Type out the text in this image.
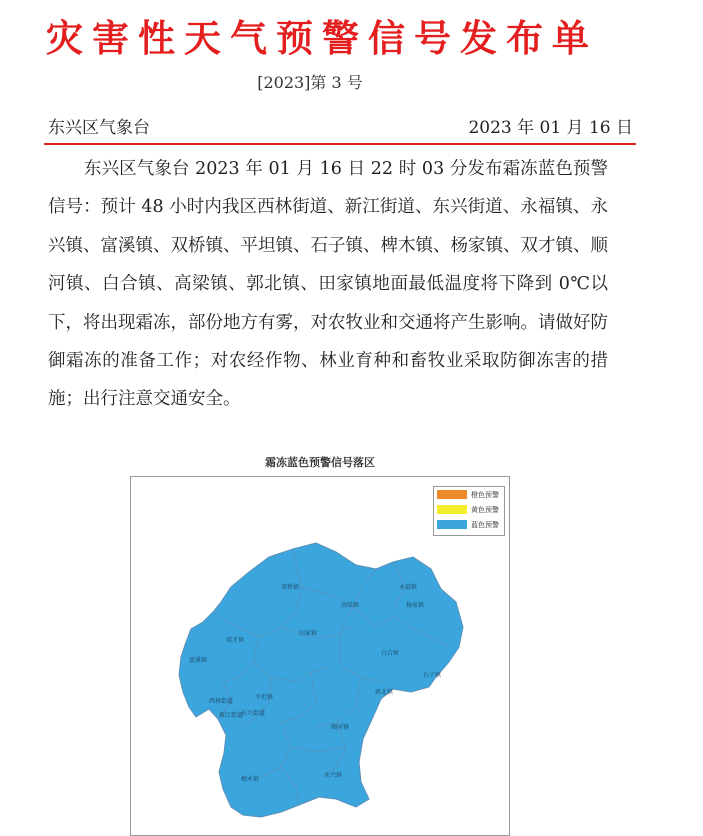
灾害性天气预警信号发布单
[2023]第 3 号
东兴区气象台	2023 年 01 月 16 日
东兴区气象台 2023 年 01 月 16 日 22 时 03 分发布霜冻蓝色预警信号：预计 48 小时内我区西林街道、新江街道、东兴街道、永福镇、永兴镇、富溪镇、双桥镇、平坦镇、石子镇、椑木镇、杨家镇、双才镇、顺河镇、白合镇、高梁镇、郭北镇、田家镇地面最低温度将下降到 0℃以下，将出现霜冻，部份地方有雾，对农牧业和交通将产生影响。请做好防御霜冻的准备工作；对农经作物、林业育种和畜牧业采取防御冻害的措施；出行注意交通安全。
霜冻蓝色预警信号落区
双桥镇
高梁镇
永福镇
杨家镇
双才镇
田家镇
白合镇
富溪镇
石子镇
西林街道
郭北镇
平坦镇
东兴街道
新江街道
顺河镇
椑木镇
永兴镇
橙色预警
黄色预警
蓝色预警
